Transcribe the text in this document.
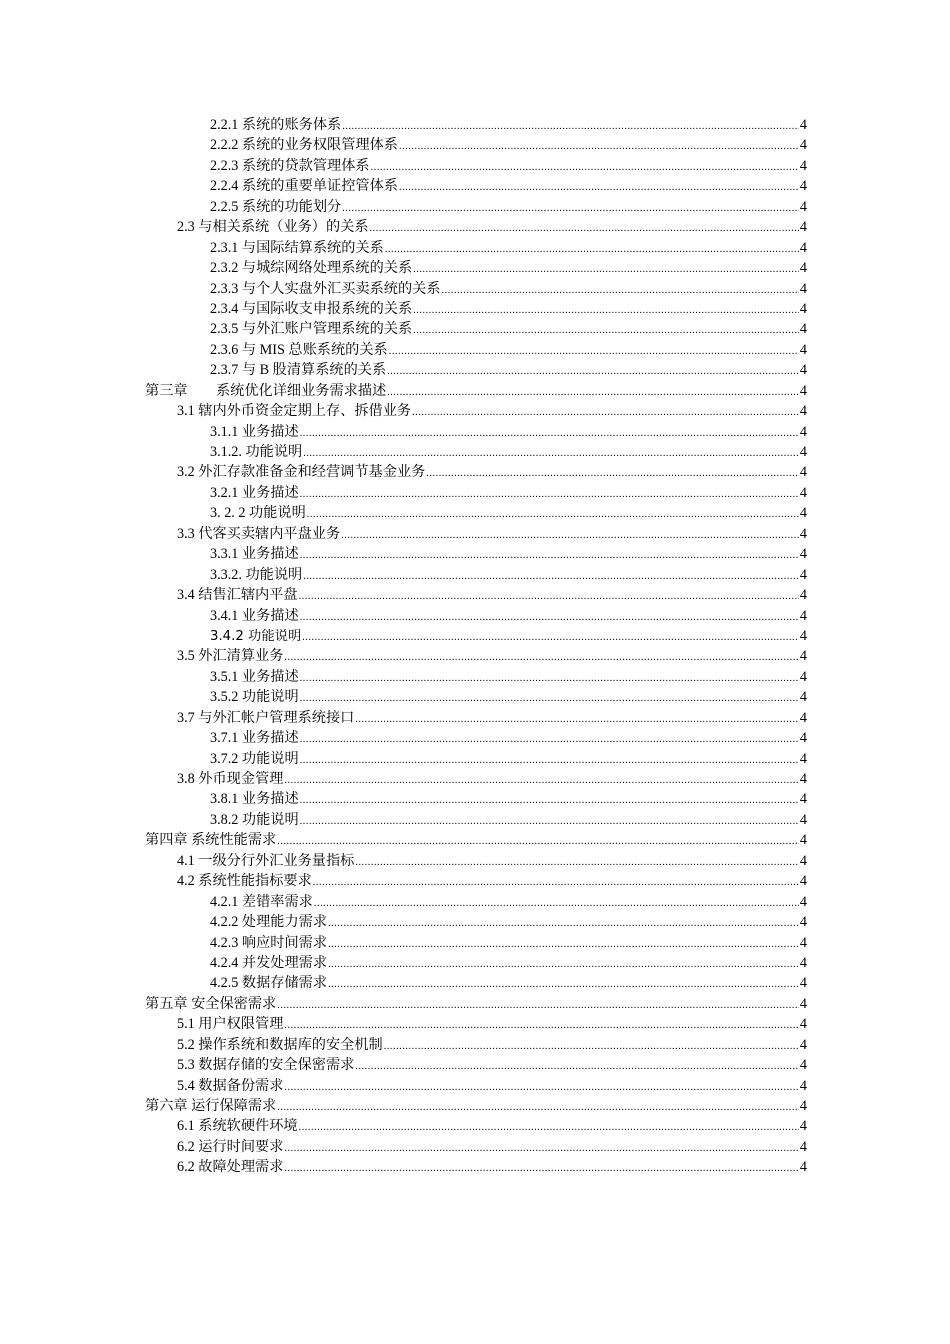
2.2.1 系统的账务体系 .....	4
2.2.2 系统的业务权限管理体系 .....	4
2.2.3 系统的贷款管理体系 .....	4
2.2.4 系统的重要单证控管体系 .....	4
2.2.5 系统的功能划分 .....	4
2.3 与相关系统（业务）的关系 .....	4
2.3.1 与国际结算系统的关系 .....	4
2.3.2 与城综网络处理系统的关系 .....	4
2.3.3 与个人实盘外汇买卖系统的关系 .....	4
2.3.4 与国际收支申报系统的关系 .....	4
2.3.5 与外汇账户管理系统的关系 .....	4
2.3.6 与 MIS 总账系统的关系 .....	4
2.3.7 与 B 股清算系统的关系 .....	4
第三章　　系统优化详细业务需求描述 .....	4
3.1 辖内外币资金定期上存、拆借业务 .....	4
3.1.1 业务描述 .....	4
3.1.2. 功能说明 .....	4
3.2 外汇存款准备金和经营调节基金业务 .....	4
3.2.1 业务描述 .....	4
3. 2. 2 功能说明 .....	4
3.3 代客买卖辖内平盘业务 .....	4
3.3.1 业务描述 .....	4
3.3.2. 功能说明 .....	4
3.4 结售汇辖内平盘 .....	4
3.4.1 业务描述 .....	4
3.4.2 功能说明 .....	4
3.5 外汇清算业务 .....	4
3.5.1 业务描述 .....	4
3.5.2 功能说明 .....	4
3.7 与外汇帐户管理系统接口 .....	4
3.7.1 业务描述 .....	4
3.7.2 功能说明 .....	4
3.8 外币现金管理 .....	4
3.8.1 业务描述 .....	4
3.8.2 功能说明 .....	4
第四章 系统性能需求 .....	4
4.1 一级分行外汇业务量指标 .....	4
4.2 系统性能指标要求 .....	4
4.2.1 差错率需求 .....	4
4.2.2 处理能力需求 .....	4
4.2.3 响应时间需求 .....	4
4.2.4 并发处理需求 .....	4
4.2.5 数据存储需求 .....	4
第五章 安全保密需求 .....	4
5.1 用户权限管理 .....	4
5.2 操作系统和数据库的安全机制 .....	4
5.3 数据存储的安全保密需求 .....	4
5.4 数据备份需求 .....	4
第六章 运行保障需求 .....	4
6.1 系统软硬件环境 .....	4
6.2 运行时间要求 .....	4
6.2 故障处理需求 .....	4
